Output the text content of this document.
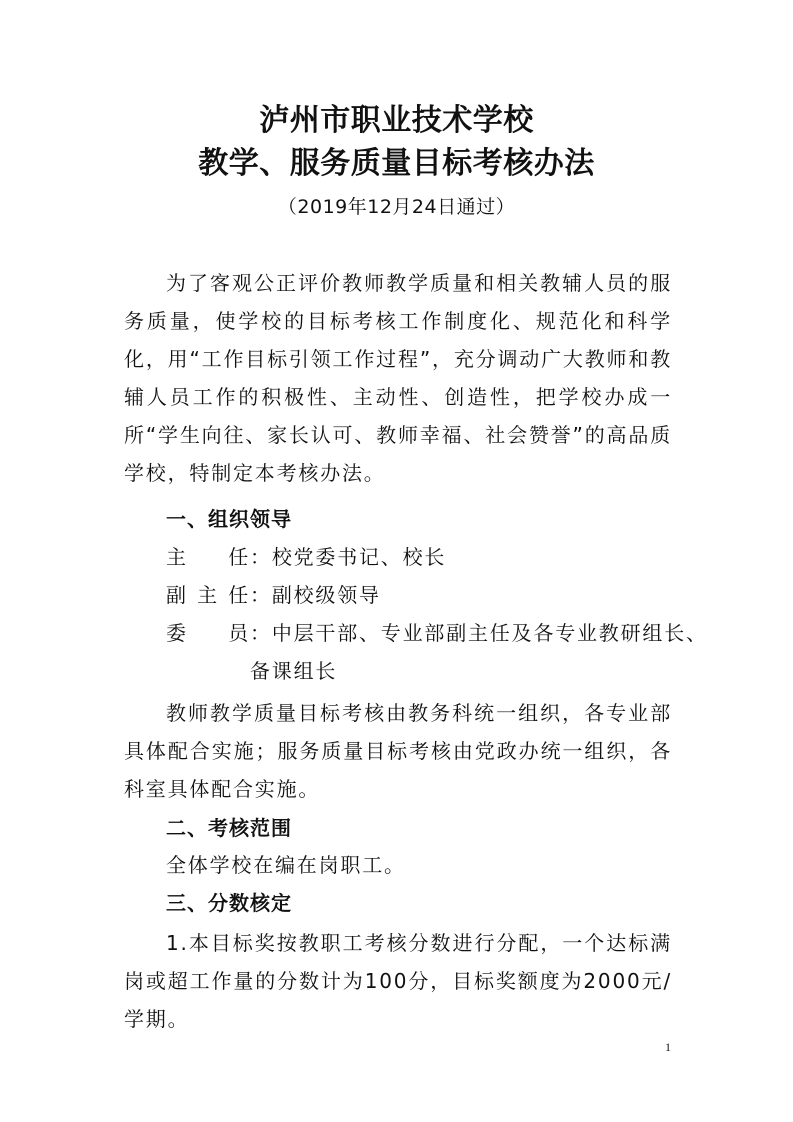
泸州市职业技术学校
教学、服务质量目标考核办法
（2019年12月24日通过）

为了客观公正评价教师教学质量和相关教辅人员的服务质量，使学校的目标考核工作制度化、规范化和科学化，用“工作目标引领工作过程”，充分调动广大教师和教辅人员工作的积极性、主动性、创造性，把学校办成一所“学生向往、家长认可、教师幸福、社会赞誉”的高品质学校，特制定本考核办法。

一、组织领导
主任：校党委书记、校长
副主任：副校级领导
委员：中层干部、专业部副主任及各专业教研组长、
备课组长

教师教学质量目标考核由教务科统一组织，各专业部具体配合实施；服务质量目标考核由党政办统一组织，各科室具体配合实施。

二、考核范围
全体学校在编在岗职工。
三、分数核定

1.本目标奖按教职工考核分数进行分配，一个达标满岗或超工作量的分数计为100分，目标奖额度为2000元/学期。

1
